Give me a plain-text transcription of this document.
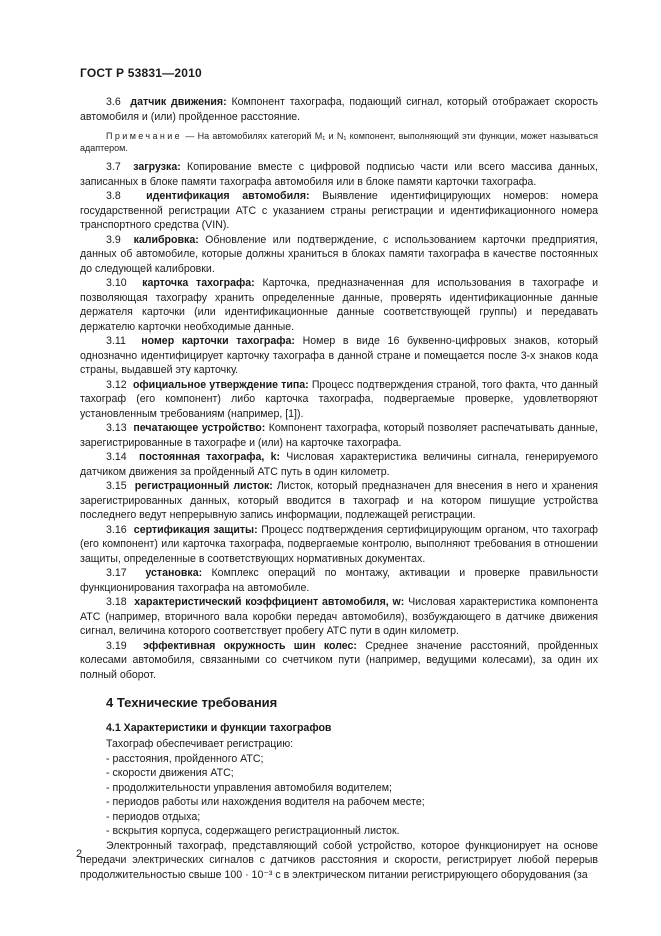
ГОСТ Р 53831—2010

3.6 датчик движения: Компонент тахографа, подающий сигнал, который отображает скорость автомобиля и (или) пройденное расстояние.

Примечание — На автомобилях категорий M₁ и N₁ компонент, выполняющий эти функции, может называться адаптером.

3.7 загрузка: Копирование вместе с цифровой подписью части или всего массива данных, записанных в блоке памяти тахографа автомобиля или в блоке памяти карточки тахографа.

3.8 идентификация автомобиля: Выявление идентифицирующих номеров: номера государственной регистрации АТС с указанием страны регистрации и идентификационного номера транспортного средства (VIN).

3.9 калибровка: Обновление или подтверждение, с использованием карточки предприятия, данных об автомобиле, которые должны храниться в блоках памяти тахографа в качестве постоянных до следующей калибровки.

3.10 карточка тахографа: Карточка, предназначенная для использования в тахографе и позволяющая тахографу хранить определенные данные, проверять идентификационные данные держателя карточки (или идентификационные данные соответствующей группы) и передавать держателю карточки необходимые данные.

3.11 номер карточки тахографа: Номер в виде 16 буквенно-цифровых знаков, который однозначно идентифицирует карточку тахографа в данной стране и помещается после 3-х знаков кода страны, выдавшей эту карточку.

3.12 официальное утверждение типа: Процесс подтверждения страной, того факта, что данный тахограф (его компонент) либо карточка тахографа, подвергаемые проверке, удовлетворяют установленным требованиям (например, [1]).

3.13 печатающее устройство: Компонент тахографа, который позволяет распечатывать данные, зарегистрированные в тахографе и (или) на карточке тахографа.

3.14 постоянная тахографа, k: Числовая характеристика величины сигнала, генерируемого датчиком движения за пройденный АТС путь в один километр.

3.15 регистрационный листок: Листок, который предназначен для внесения в него и хранения зарегистрированных данных, который вводится в тахограф и на котором пишущие устройства последнего ведут непрерывную запись информации, подлежащей регистрации.

3.16 сертификация защиты: Процесс подтверждения сертифицирующим органом, что тахограф (его компонент) или карточка тахографа, подвергаемые контролю, выполняют требования в отношении защиты, определенные в соответствующих нормативных документах.

3.17 установка: Комплекс операций по монтажу, активации и проверке правильности функционирования тахографа на автомобиле.

3.18 характеристический коэффициент автомобиля, w: Числовая характеристика компонента АТС (например, вторичного вала коробки передач автомобиля), возбуждающего в датчике движения сигнал, величина которого соответствует пробегу АТС пути в один километр.

3.19 эффективная окружность шин колес: Среднее значение расстояний, пройденных колесами автомобиля, связанными со счетчиком пути (например, ведущими колесами), за один их полный оборот.

4 Технические требования
4.1 Характеристики и функции тахографов

Тахограф обеспечивает регистрацию:

- расстояния, пройденного АТС;
- скорости движения АТС;
- продолжительности управления автомобиля водителем;
- периодов работы или нахождения водителя на рабочем месте;
- периодов отдыха;
- вскрытия корпуса, содержащего регистрационный листок.

Электронный тахограф, представляющий собой устройство, которое функционирует на основе передачи электрических сигналов с датчиков расстояния и скорости, регистрирует любой перерыв продолжительностью свыше 100 · 10⁻³ с в электрическом питании регистрирующего оборудования (за

2
